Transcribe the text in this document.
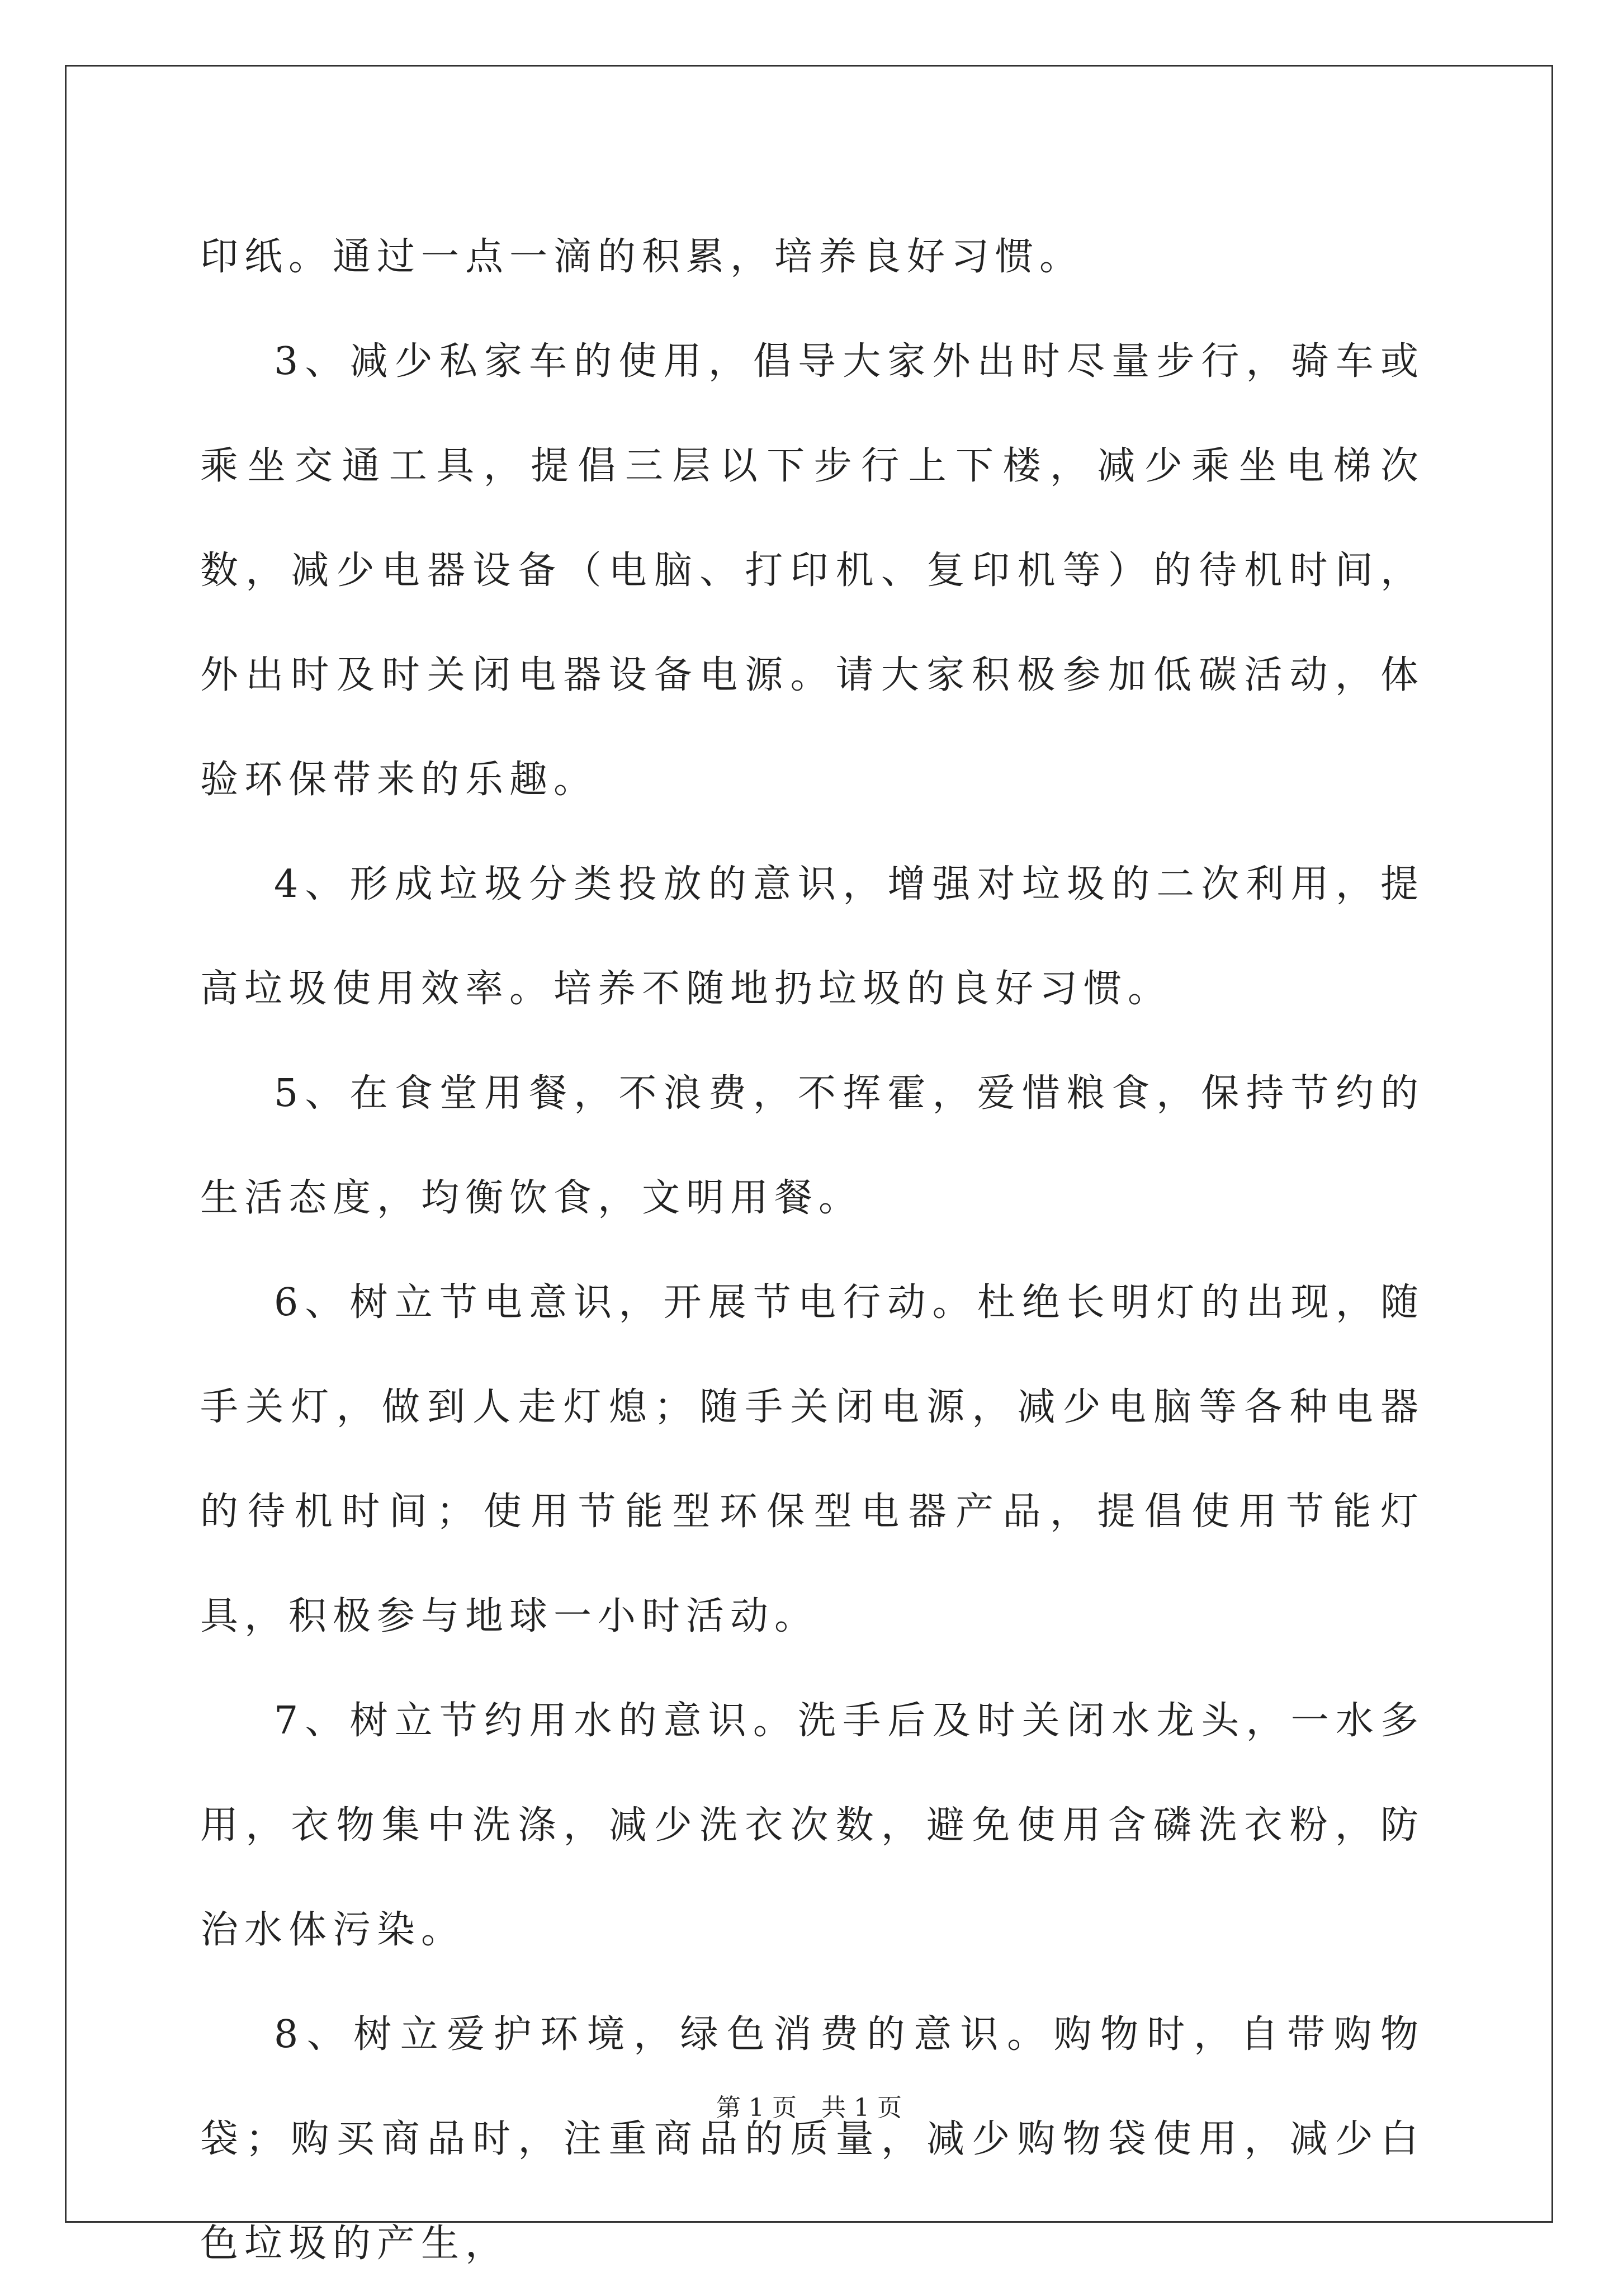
印纸。通过一点一滴的积累，培养良好习惯。

3、减少私家车的使用，倡导大家外出时尽量步行，骑车或乘坐交通工具，提倡三层以下步行上下楼，减少乘坐电梯次数，减少电器设备（电脑、打印机、复印机等）的待机时间，外出时及时关闭电器设备电源。请大家积极参加低碳活动，体验环保带来的乐趣。

4、形成垃圾分类投放的意识，增强对垃圾的二次利用，提高垃圾使用效率。培养不随地扔垃圾的良好习惯。

5、在食堂用餐，不浪费，不挥霍，爱惜粮食，保持节约的生活态度，均衡饮食，文明用餐。

6、树立节电意识，开展节电行动。杜绝长明灯的出现，随手关灯，做到人走灯熄；随手关闭电源，减少电脑等各种电器的待机时间；使用节能型环保型电器产品，提倡使用节能灯具，积极参与地球一小时活动。

7、树立节约用水的意识。洗手后及时关闭水龙头，一水多用，衣物集中洗涤，减少洗衣次数，避免使用含磷洗衣粉，防治水体污染。

8、树立爱护环境，绿色消费的意识。购物时，自带购物袋；购买商品时，注重商品的质量，减少购物袋使用，减少白色垃圾的产生，

第 1 页　共 1 页
